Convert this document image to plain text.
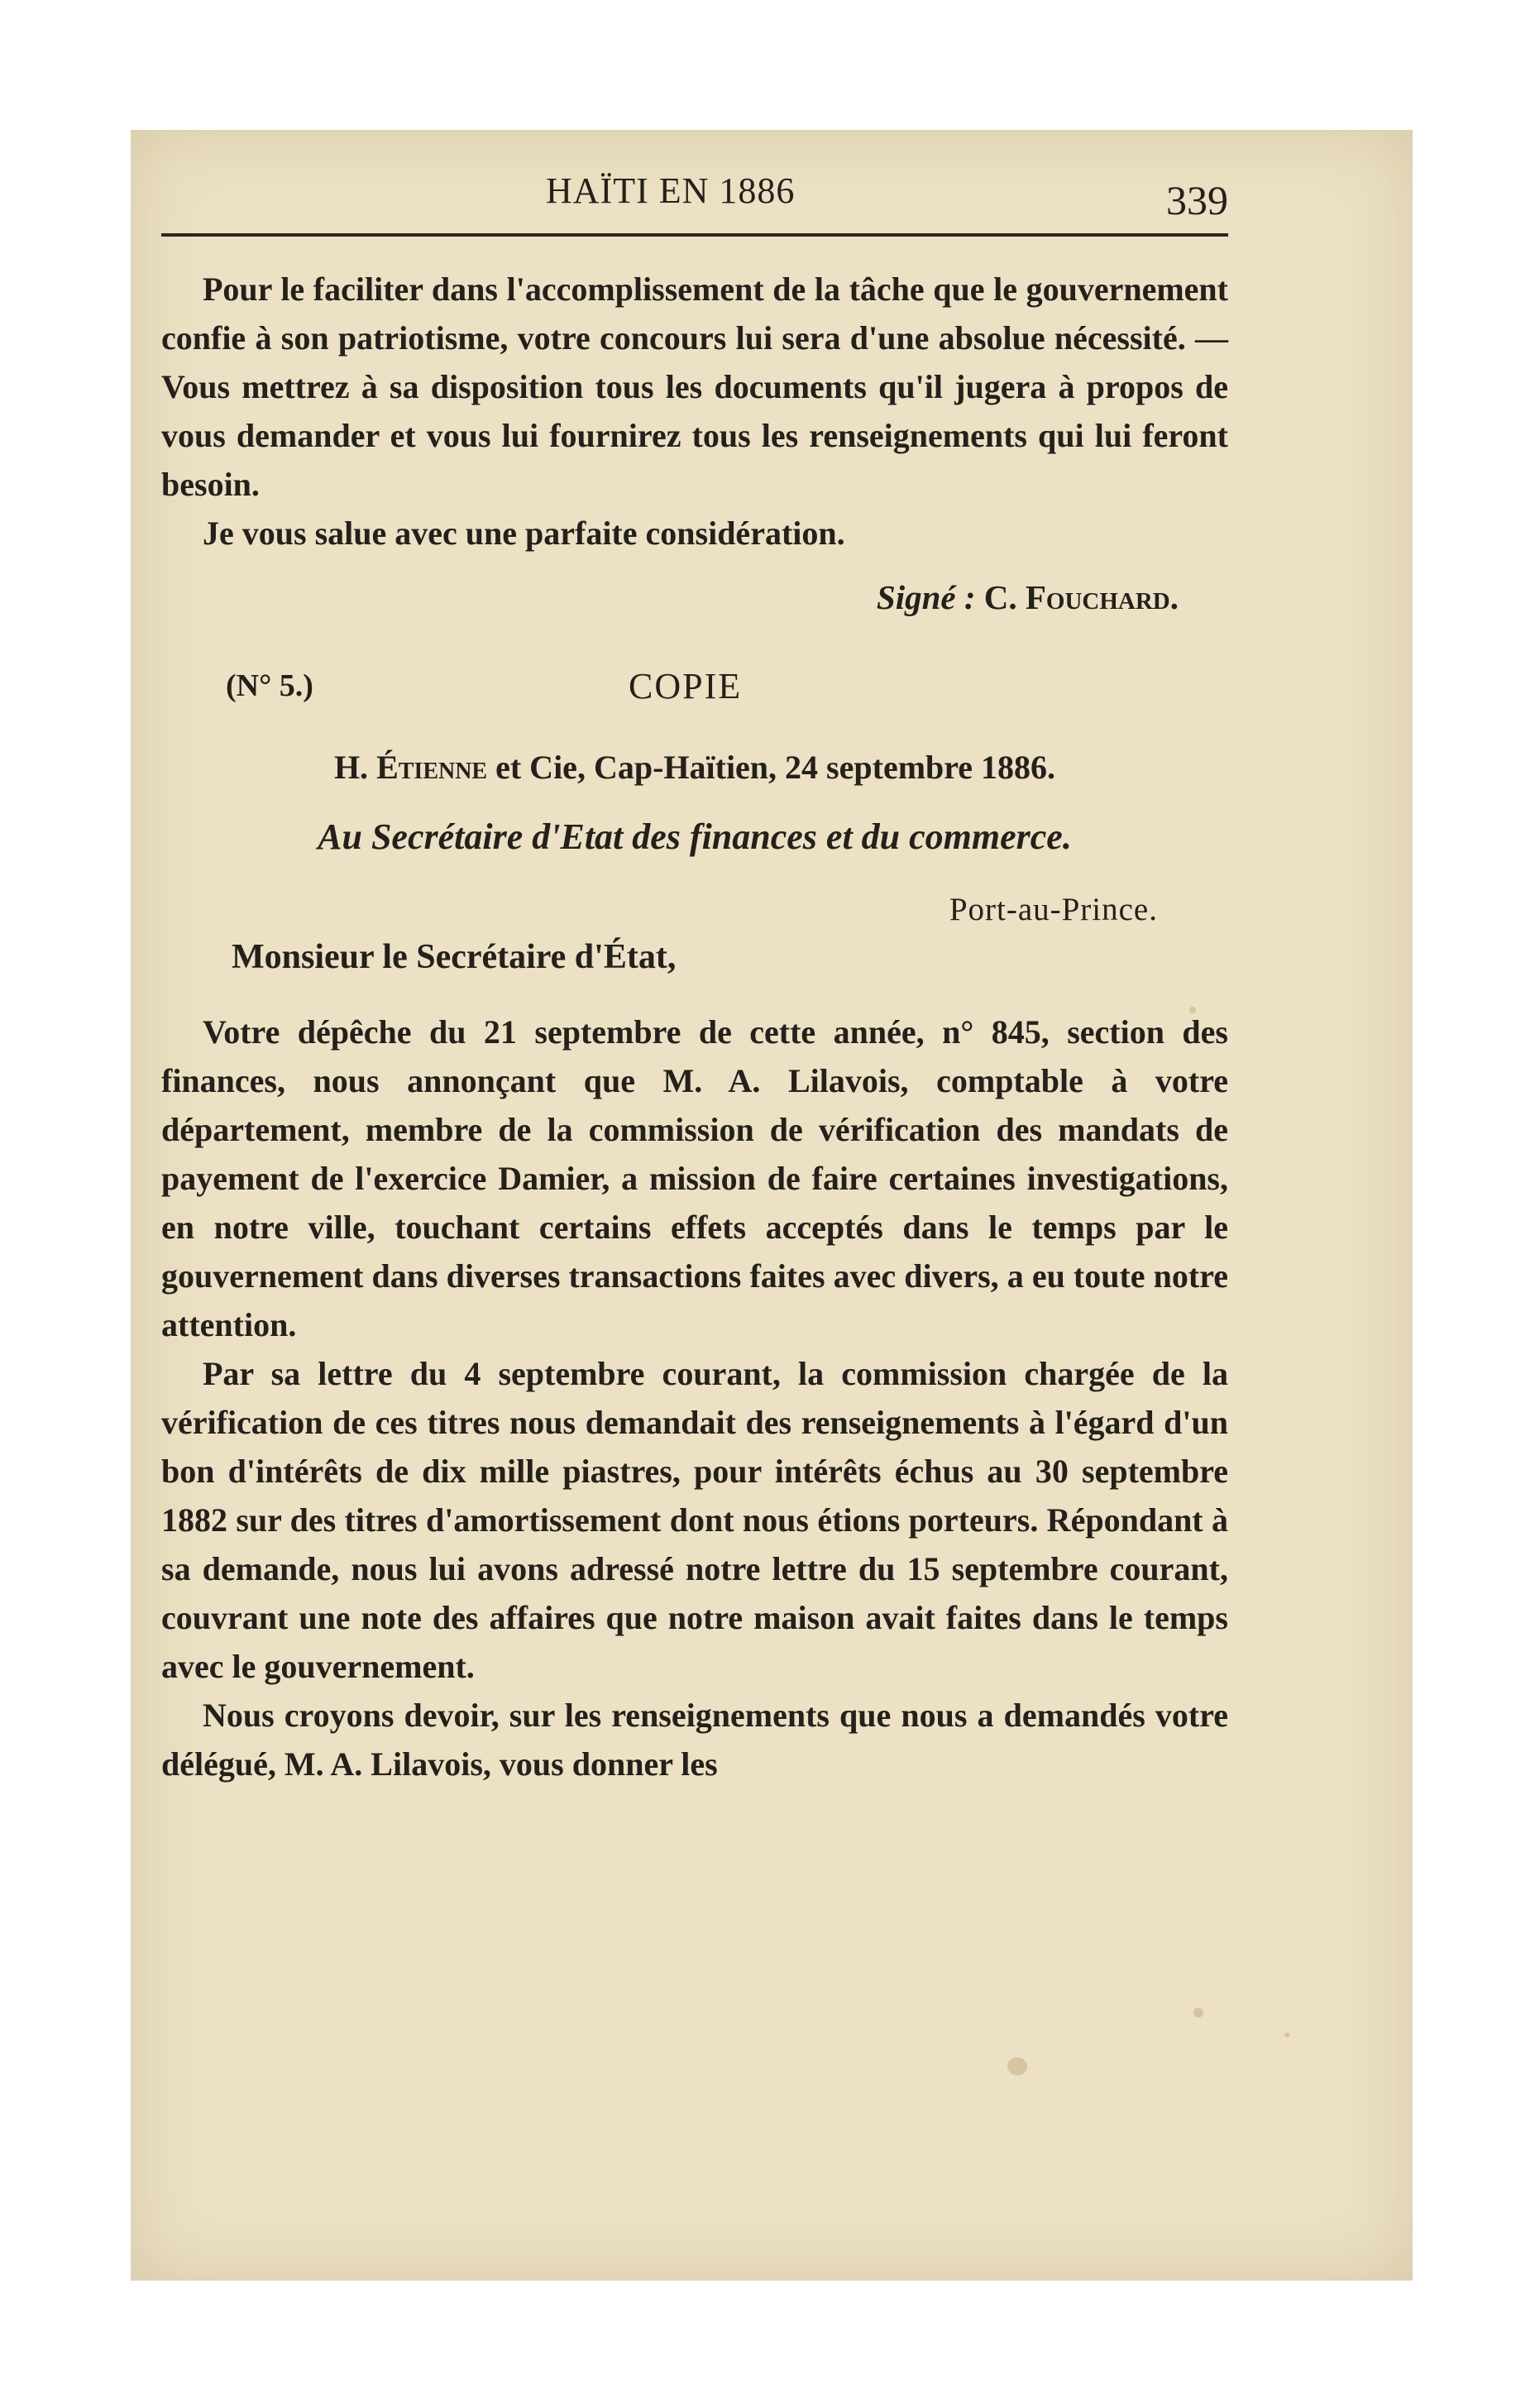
HAÏTI EN 1886	339

Pour le faciliter dans l'accomplissement de la tâche que le gouvernement confie à son patriotisme, votre concours lui sera d'une absolue nécessité. — Vous mettrez à sa disposition tous les documents qu'il jugera à propos de vous demander et vous lui fournirez tous les renseignements qui lui feront besoin.

Je vous salue avec une parfaite considération.

Signé : C. Fouchard.
(N° 5.)	COPIE
H. Étienne et Cie, Cap-Haïtien, 24 septembre 1886.
Au Secrétaire d'Etat des finances et du commerce.
Port-au-Prince.

Monsieur le Secrétaire d'État,

Votre dépêche du 21 septembre de cette année, n° 845, section des finances, nous annonçant que M. A. Lilavois, comptable à votre département, membre de la commission de vérification des mandats de payement de l'exercice Damier, a mission de faire certaines investigations, en notre ville, touchant certains effets acceptés dans le temps par le gouvernement dans diverses transactions faites avec divers, a eu toute notre attention.

Par sa lettre du 4 septembre courant, la commission chargée de la vérification de ces titres nous demandait des renseignements à l'égard d'un bon d'intérêts de dix mille piastres, pour intérêts échus au 30 septembre 1882 sur des titres d'amortissement dont nous étions porteurs. Répondant à sa demande, nous lui avons adressé notre lettre du 15 septembre courant, couvrant une note des affaires que notre maison avait faites dans le temps avec le gouvernement.

Nous croyons devoir, sur les renseignements que nous a demandés votre délégué, M. A. Lilavois, vous donner les
